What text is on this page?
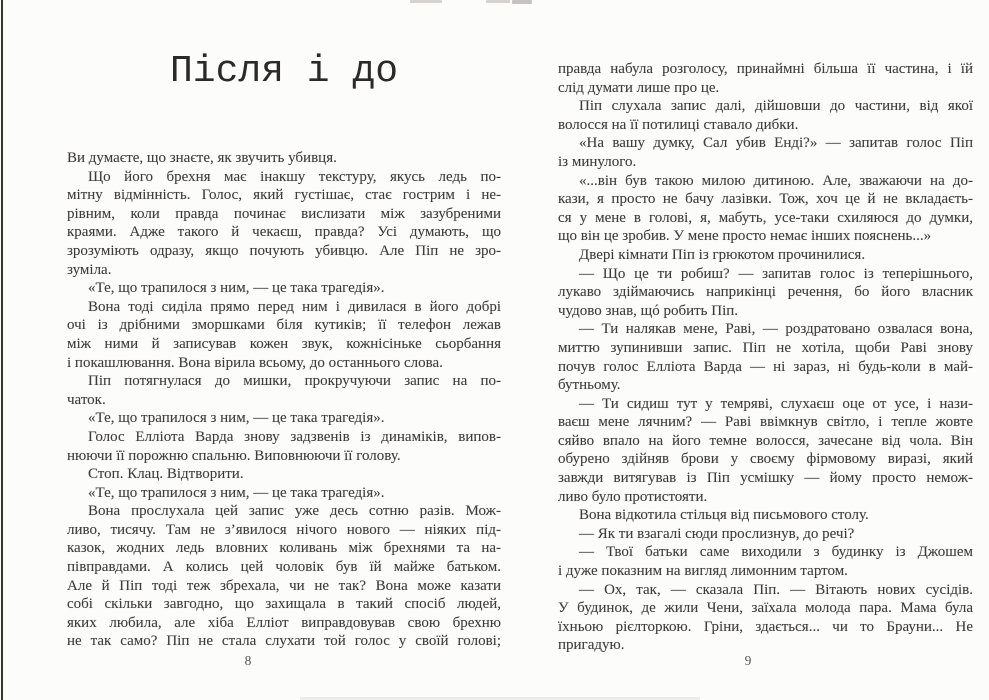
Після і до
Ви думаєте, що знаєте, як звучить убивця.
Що його брехня має інакшу текстуру, якусь ледь по-
мітну відмінність. Голос, який густішає, стає гострим і не-
рівним, коли правда починає вислизати між зазубреними
краями. Адже такого й чекаєш, правда? Усі думають, що
зрозуміють одразу, якщо почують убивцю. Але Піп не зро-
зуміла.
«Те, що трапилося з ним, — це така трагедія».
Вона тоді сиділа прямо перед ним і дивилася в його добрі
очі із дрібними зморшками біля кутиків; її телефон лежав
між ними й записував кожен звук, кожнісіньке сьорбання
і покашлювання. Вона вірила всьому, до останнього слова.
Піп потягнулася до мишки, прокручуючи запис на по-
чаток.
«Те, що трапилося з ним, — це така трагедія».
Голос Елліота Варда знову задзвенів із динаміків, випов-
нюючи її порожню спальню. Виповнюючи її голову.
Стоп. Клац. Відтворити.
«Те, що трапилося з ним, — це така трагедія».
Вона прослухала цей запис уже десь сотню разів. Мож-
ливо, тисячу. Там не з’явилося нічого нового — ніяких під-
казок, жодних ледь вловних коливань між брехнями та на-
півправдами. А колись цей чоловік був їй майже батьком.
Але й Піп тоді теж збрехала, чи не так? Вона може казати
собі скільки завгодно, що захищала в такий спосіб людей,
яких любила, але хіба Елліот виправдовував свою брехню
не так само? Піп не стала слухати той голос у своїй голові;
правда набула розголосу, принаймні більша її частина, і їй
слід думати лише про це.
Піп слухала запис далі, дійшовши до частини, від якої
волосся на її потилиці ставало дибки.
«На вашу думку, Сал убив Енді?» — запитав голос Піп
із минулого.
«...він був такою милою дитиною. Але, зважаючи на до-
кази, я просто не бачу лазівки. Тож, хоч це й не вкладаєть-
ся у мене в голові, я, мабуть, усе-таки схиляюся до думки,
що він це зробив. У мене просто немає інших пояснень...»
Двері кімнати Піп із грюкотом прочинилися.
— Що це ти робиш? — запитав голос із теперішнього,
лукаво здіймаючись наприкінці речення, бо його власник
чудово знав, щó робить Піп.
— Ти налякав мене, Раві, — роздратовано озвалася вона,
миттю зупинивши запис. Піп не хотіла, щоби Раві знову
почув голос Елліота Варда — ні зараз, ні будь-коли в май-
бутньому.
— Ти сидиш тут у темряві, слухаєш оце от усе, і нази-
ваєш мене лячним? — Раві ввімкнув світло, і тепле жовте
сяйво впало на його темне волосся, зачесане від чола. Він
обурено здійняв брови у своєму фірмовому виразі, який
завжди витягував із Піп усмішку — йому просто немож-
ливо було протистояти.
Вона відкотила стільця від письмового столу.
— Як ти взагалі сюди прослизнув, до речі?
— Твої батьки саме виходили з будинку із Джошем
і дуже показним на вигляд лимонним тартом.
— Ох, так, — сказала Піп. — Вітають нових сусідів.
У будинок, де жили Чени, заїхала молода пара. Мама була
їхньою рієлторкою. Гріни, здається... чи то Брауни... Не
пригадую.
8	9
